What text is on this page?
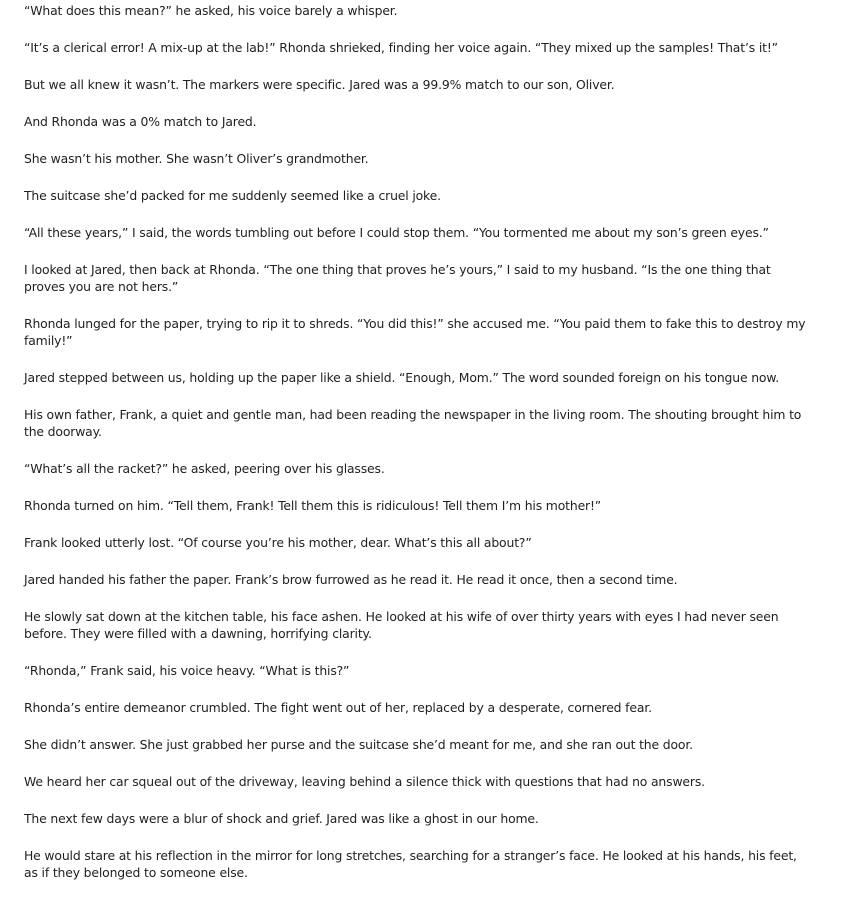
“What does this mean?” he asked, his voice barely a whisper.

“It’s a clerical error! A mix-up at the lab!” Rhonda shrieked, finding her voice again. “They mixed up the samples! That’s it!”

But we all knew it wasn’t. The markers were specific. Jared was a 99.9% match to our son, Oliver.

And Rhonda was a 0% match to Jared.

She wasn’t his mother. She wasn’t Oliver’s grandmother.

The suitcase she’d packed for me suddenly seemed like a cruel joke.

“All these years,” I said, the words tumbling out before I could stop them. “You tormented me about my son’s green eyes.”

I looked at Jared, then back at Rhonda. “The one thing that proves he’s yours,” I said to my husband. “Is the one thing that proves you are not hers.”

Rhonda lunged for the paper, trying to rip it to shreds. “You did this!” she accused me. “You paid them to fake this to destroy my family!”

Jared stepped between us, holding up the paper like a shield. “Enough, Mom.” The word sounded foreign on his tongue now.

His own father, Frank, a quiet and gentle man, had been reading the newspaper in the living room. The shouting brought him to the doorway.

“What’s all the racket?” he asked, peering over his glasses.

Rhonda turned on him. “Tell them, Frank! Tell them this is ridiculous! Tell them I’m his mother!”

Frank looked utterly lost. “Of course you’re his mother, dear. What’s this all about?”

Jared handed his father the paper. Frank’s brow furrowed as he read it. He read it once, then a second time.

He slowly sat down at the kitchen table, his face ashen. He looked at his wife of over thirty years with eyes I had never seen before. They were filled with a dawning, horrifying clarity.

“Rhonda,” Frank said, his voice heavy. “What is this?”

Rhonda’s entire demeanor crumbled. The fight went out of her, replaced by a desperate, cornered fear.

She didn’t answer. She just grabbed her purse and the suitcase she’d meant for me, and she ran out the door.

We heard her car squeal out of the driveway, leaving behind a silence thick with questions that had no answers.

The next few days were a blur of shock and grief. Jared was like a ghost in our home.

He would stare at his reflection in the mirror for long stretches, searching for a stranger’s face. He looked at his hands, his feet, as if they belonged to someone else.
